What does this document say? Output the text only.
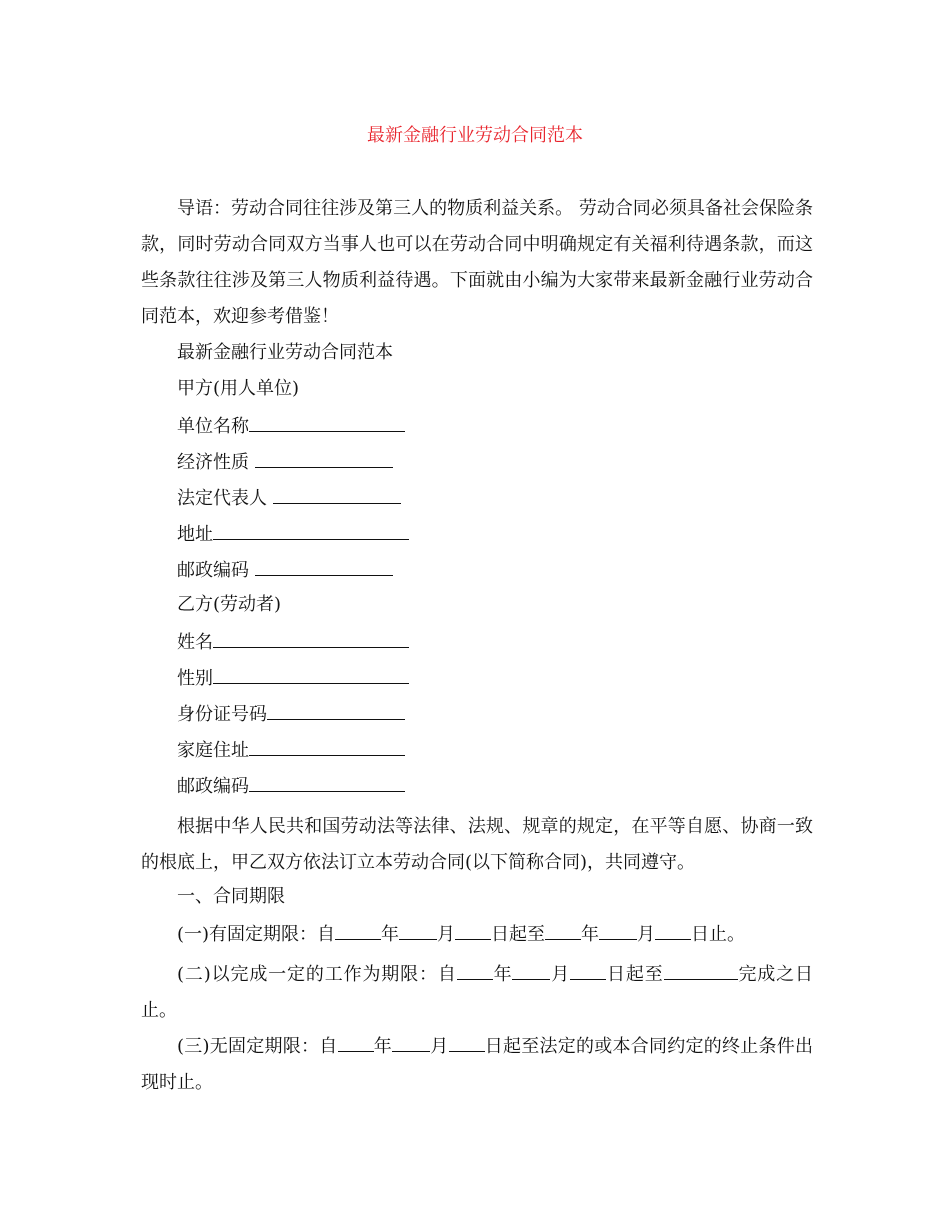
最新金融行业劳动合同范本

导语：劳动合同往往涉及第三人的物质利益关系。 劳动合同必须具备社会保险条款，同时劳动合同双方当事人也可以在劳动合同中明确规定有关福利待遇条款，而这些条款往往涉及第三人物质利益待遇。下面就由小编为大家带来最新金融行业劳动合同范本，欢迎参考借鉴！

最新金融行业劳动合同范本
甲方(用人单位)
单位名称
经济性质
法定代表人
地址
邮政编码
乙方(劳动者)
姓名
性别
身份证号码
家庭住址
邮政编码

根据中华人民共和国劳动法等法律、法规、规章的规定，在平等自愿、协商一致的根底上，甲乙双方依法订立本劳动合同(以下简称合同)，共同遵守。

一、合同期限
(一)有固定期限：自	年 月 日起至 年 月 日止。
(二)以完成一定的工作为期限：自 年 月 日起至	完成之日止。
(三)无固定期限：自 年 月 日起至法定的或本合同约定的终止条件出现时止。
